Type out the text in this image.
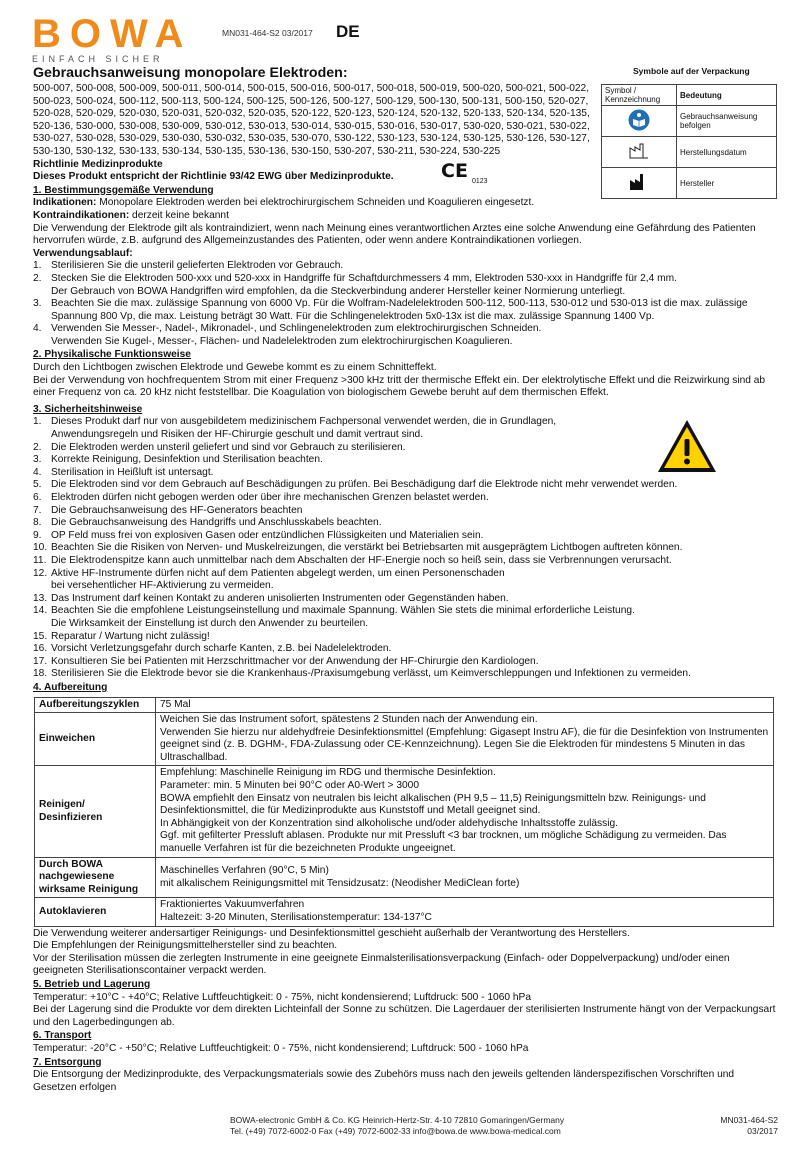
BOWA
EINFACH SICHER
MN031-464-S2 03/2017 DE
Symbole auf der Verpackung
Symbol / Kennzeichnung	Bedeutung
	Gebrauchsanweisung befolgen
	Herstellungsdatum
	Hersteller
Gebrauchsanweisung monopolare Elektroden:
500-007, 500-008, 500-009, 500-011, 500-014, 500-015, 500-016, 500-017, 500-018, 500-019, 500-020, 500-021, 500-022, 500-023, 500-024, 500-112, 500-113, 500-124, 500-125, 500-126, 500-127, 500-129, 500-130, 500-131, 500-150, 520-027, 520-028, 520-029, 520-030, 520-031, 520-032, 520-035, 520-122, 520-123, 520-124, 520-132, 520-133, 520-134, 520-135, 520-136, 530-000, 530-008, 530-009, 530-012, 530-013, 530-014, 530-015, 530-016, 530-017, 530-020, 530-021, 530-022, 530-027, 530-028, 530-029, 530-030, 530-032, 530-035, 530-070, 530-122, 530-123, 530-124, 530-125, 530-126, 530-127, 530-130, 530-132, 530-133, 530-134, 530-135, 530-136, 530-150, 530-207, 530-211, 530-224, 530-225
Richtlinie Medizinprodukte
Dieses Produkt entspricht der Richtlinie 93/42 EWG über Medizinprodukte. CE 0123
1. Bestimmungsgemäße Verwendung
Indikationen: Monopolare Elektroden werden bei elektrochirurgischem Schneiden und Koagulieren eingesetzt.
Kontraindikationen: derzeit keine bekannt
Die Verwendung der Elektrode gilt als kontraindiziert, wenn nach Meinung eines verantwortlichen Arztes eine solche Anwendung eine Gefährdung des Patienten hervorrufen würde, z.B. aufgrund des Allgemeinzustandes des Patienten, oder wenn andere Kontraindikationen vorliegen.
Verwendungsablauf:
1. Sterilisieren Sie die unsteril gelieferten Elektroden vor Gebrauch.
2. Stecken Sie die Elektroden 500-xxx und 520-xxx in Handgriffe für Schaftdurchmessers 4 mm, Elektroden 530-xxx in Handgriffe für 2,4 mm.
Der Gebrauch von BOWA Handgriffen wird empfohlen, da die Steckverbindung anderer Hersteller keiner Normierung unterliegt.
3. Beachten Sie die max. zulässige Spannung von 6000 Vp. Für die Wolfram-Nadelelektroden 500-112, 500-113, 530-012 und 530-013 ist die max. zulässige Spannung 800 Vp, die max. Leistung beträgt 30 Watt. Für die Schlingenelektroden 5x0-13x ist die max. zulässige Spannung 1400 Vp.
4. Verwenden Sie Messer-, Nadel-, Mikronadel-, und Schlingenelektroden zum elektrochirurgischen Schneiden.
Verwenden Sie Kugel-, Messer-, Flächen- und Nadelelektroden zum elektrochirurgischen Koagulieren.
2. Physikalische Funktionsweise
Durch den Lichtbogen zwischen Elektrode und Gewebe kommt es zu einem Schnitteffekt.
Bei der Verwendung von hochfrequentem Strom mit einer Frequenz >300 kHz tritt der thermische Effekt ein. Der elektrolytische Effekt und die Reizwirkung sind ab einer Frequenz von ca. 20 kHz nicht feststellbar. Die Koagulation von biologischem Gewebe beruht auf dem thermischen Effekt.
3. Sicherheitshinweise
1. Dieses Produkt darf nur von ausgebildetem medizinischem Fachpersonal verwendet werden, die in Grundlagen, Anwendungsregeln und Risiken der HF-Chirurgie geschult und damit vertraut sind.
2. Die Elektroden werden unsteril geliefert und sind vor Gebrauch zu sterilisieren.
3. Korrekte Reinigung, Desinfektion und Sterilisation beachten.
4. Sterilisation in Heißluft ist untersagt.
5. Die Elektroden sind vor dem Gebrauch auf Beschädigungen zu prüfen. Bei Beschädigung darf die Elektrode nicht mehr verwendet werden.
6. Elektroden dürfen nicht gebogen werden oder über ihre mechanischen Grenzen belastet werden.
7. Die Gebrauchsanweisung des HF-Generators beachten
8. Die Gebrauchsanweisung des Handgriffs und Anschlusskabels beachten.
9. OP Feld muss frei von explosiven Gasen oder entzündlichen Flüssigkeiten und Materialien sein.
10. Beachten Sie die Risiken von Nerven- und Muskelreizungen, die verstärkt bei Betriebsarten mit ausgeprägtem Lichtbogen auftreten können.
11. Die Elektrodenspitze kann auch unmittelbar nach dem Abschalten der HF-Energie noch so heiß sein, dass sie Verbrennungen verursacht.
12. Aktive HF-Instrumente dürfen nicht auf dem Patienten abgelegt werden, um einen Personenschaden
bei versehentlicher HF-Aktivierung zu vermeiden.
13. Das Instrument darf keinen Kontakt zu anderen unisolierten Instrumenten oder Gegenständen haben.
14. Beachten Sie die empfohlene Leistungseinstellung und maximale Spannung. Wählen Sie stets die minimal erforderliche Leistung.
Die Wirksamkeit der Einstellung ist durch den Anwender zu beurteilen.
15. Reparatur / Wartung nicht zulässig!
16. Vorsicht Verletzungsgefahr durch scharfe Kanten, z.B. bei Nadelelektroden.
17. Konsultieren Sie bei Patienten mit Herzschrittmacher vor der Anwendung der HF-Chirurgie den Kardiologen.
18. Sterilisieren Sie die Elektrode bevor sie die Krankenhaus-/Praxisumgebung verlässt, um Keimverschleppungen und Infektionen zu vermeiden.
4. Aufbereitung
Aufbereitungszyklen	75 Mal

Einweichen	Weichen Sie das Instrument sofort, spätestens 2 Stunden nach der Anwendung ein.
Verwenden Sie hierzu nur aldehydfreie Desinfektionsmittel (Empfehlung: Gigasept Instru AF), die für die Desinfektion von Instrumenten geeignet sind (z. B. DGHM-, FDA-Zulassung oder CE-Kennzeichnung). Legen Sie die Elektroden für mindestens 5 Minuten in das Ultraschallbad.

Reinigen/ Desinfizieren	Empfehlung: Maschinelle Reinigung im RDG und thermische Desinfektion.
Parameter: min. 5 Minuten bei 90°C oder A0-Wert > 3000
BOWA empfiehlt den Einsatz von neutralen bis leicht alkalischen (PH 9,5 – 11,5) Reinigungsmitteln bzw. Reinigungs- und Desinfektionsmittel, die für Medizinprodukte aus Kunststoff und Metall geeignet sind.
In Abhängigkeit von der Konzentration sind alkoholische und/oder aldehydische Inhaltsstoffe zulässig.
Ggf. mit gefilterter Pressluft ablasen. Produkte nur mit Pressluft <3 bar trocknen, um mögliche Schädigung zu vermeiden. Das manuelle Verfahren ist für die bezeichneten Produkte ungeeignet.

Durch BOWA nachgewiesene wirksame Reinigung	Maschinelles Verfahren (90°C, 5 Min)
mit alkalischem Reinigungsmittel mit Tensidzusatz: (Neodisher MediClean forte)

Autoklavieren	Fraktioniertes Vakuumverfahren
Haltezeit: 3-20 Minuten, Sterilisationstemperatur: 134-137°C
Die Verwendung weiterer andersartiger Reinigungs- und Desinfektionsmittel geschieht außerhalb der Verantwortung des Herstellers.
Die Empfehlungen der Reinigungsmittelhersteller sind zu beachten.
Vor der Sterilisation müssen die zerlegten Instrumente in eine geeignete Einmalsterilisationsverpackung (Einfach- oder Doppelverpackung) und/oder einen geeigneten Sterilisationscontainer verpackt werden.
5. Betrieb und Lagerung
Temperatur: +10°C - +40°C; Relative Luftfeuchtigkeit: 0 - 75%, nicht kondensierend; Luftdruck: 500 - 1060 hPa
Bei der Lagerung sind die Produkte vor dem direkten Lichteinfall der Sonne zu schützen. Die Lagerdauer der sterilisierten Instrumente hängt von der Verpackungsart und den Lagerbedingungen ab.
6. Transport
Temperatur: -20°C - +50°C; Relative Luftfeuchtigkeit: 0 - 75%, nicht kondensierend; Luftdruck: 500 - 1060 hPa
7. Entsorgung
Die Entsorgung der Medizinprodukte, des Verpackungsmaterials sowie des Zubehörs muss nach den jeweils geltenden länderspezifischen Vorschriften und Gesetzen erfolgen
BOWA-electronic GmbH & Co. KG Heinrich-Hertz-Str. 4-10 72810 Gomaringen/Germany
Tel. (+49) 7072-6002-0 Fax (+49) 7072-6002-33 info@bowa.de www.bowa-medical.com
MN031-464-S2
03/2017
